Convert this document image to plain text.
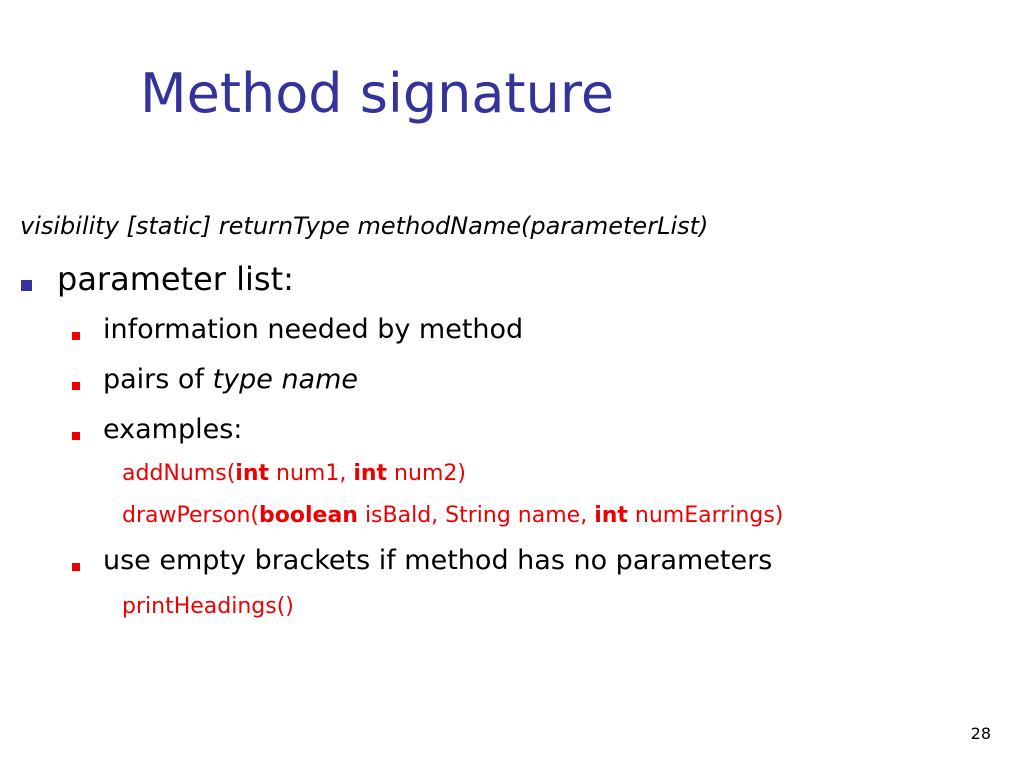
Method signature
visibility [static] returnType methodName(parameterList)
parameter list:
information needed by method
pairs of type name
examples:
addNums(int num1, int num2)
drawPerson(boolean isBald, String name, int numEarrings)
use empty brackets if method has no parameters
printHeadings()
28
